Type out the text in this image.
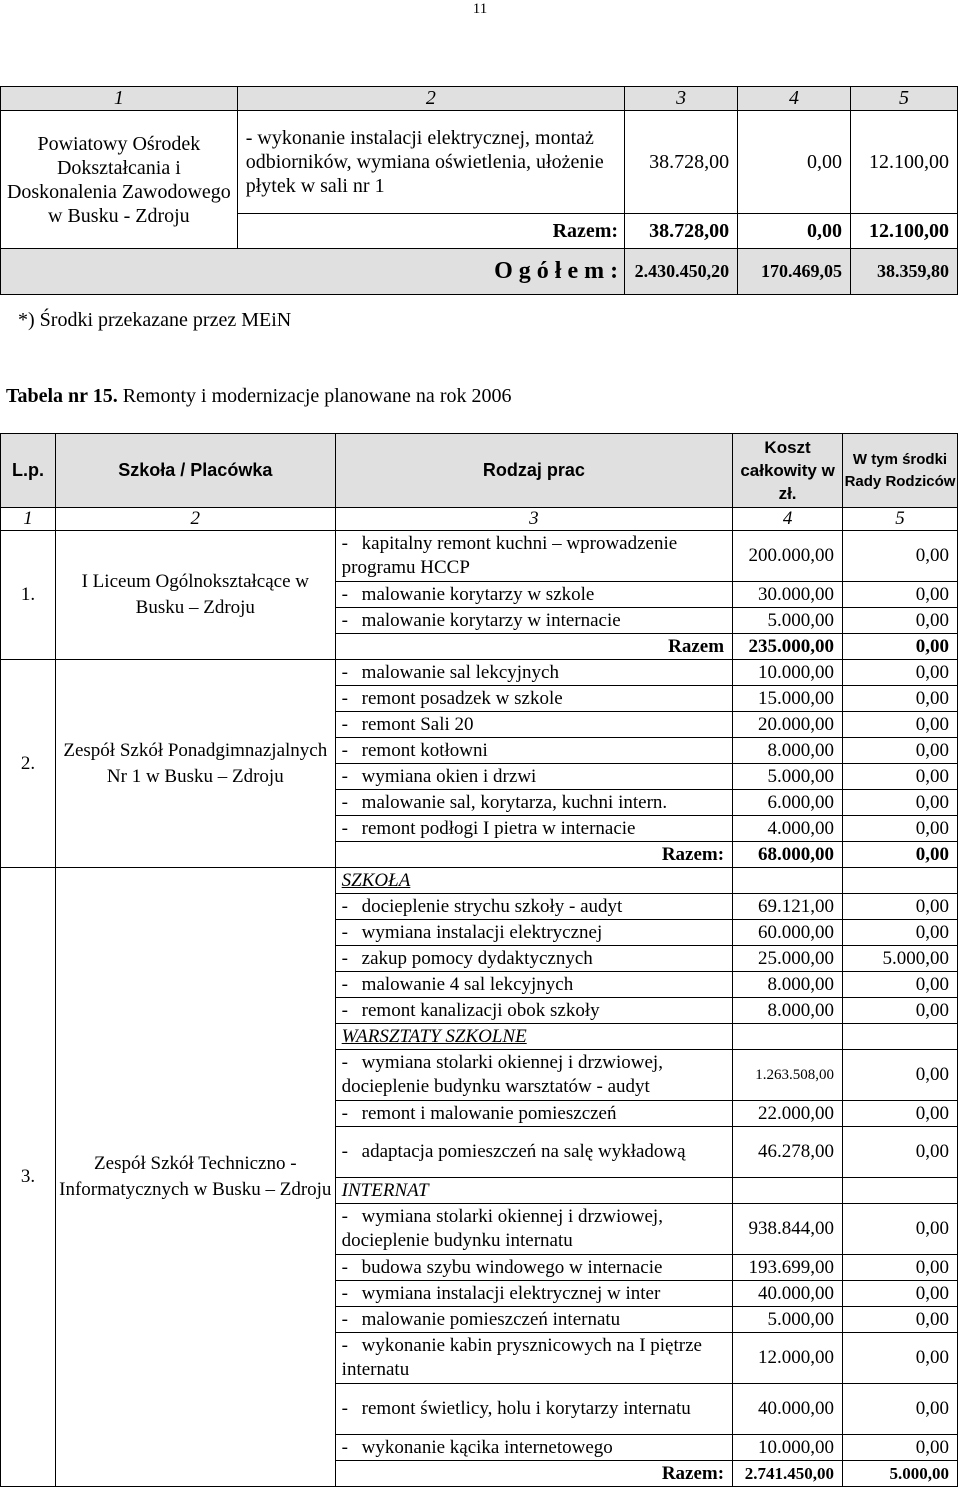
11
1	2	3	4	5
Powiatowy Ośrodek Dokształcania i Doskonalenia Zawodowego w Busku - Zdroju	- wykonanie instalacji elektrycznej, montaż odbiorników, wymiana oświetlenia, ułożenie płytek w sali nr 1	38.728,00	0,00	12.100,00
	Razem:	38.728,00	0,00	12.100,00
O g ó ł e m :		2.430.450,20	170.469,05	38.359,80
*) Środki przekazane przez MEiN
Tabela nr 15. Remonty i modernizacje planowane na rok 2006
L.p.	Szkoła / Placówka	Rodzaj prac	Koszt całkowity w zł.	W tym środki Rady Rodziców
1	2	3	4	5
1.	I Liceum Ogólnokształcące w Busku – Zdroju	- kapitalny remont kuchni – wprowadzenie programu HCCP	200.000,00	0,00
		- malowanie korytarzy w szkole	30.000,00	0,00
		- malowanie korytarzy w internacie	5.000,00	0,00
		Razem	235.000,00	0,00
2.	Zespół Szkół Ponadgimnazjalnych Nr 1 w Busku – Zdroju	- malowanie sal lekcyjnych	10.000,00	0,00
		- remont posadzek w szkole	15.000,00	0,00
		- remont Sali 20	20.000,00	0,00
		- remont kotłowni	8.000,00	0,00
		- wymiana okien i drzwi	5.000,00	0,00
		- malowanie sal, korytarza, kuchni intern.	6.000,00	0,00
		- remont podłogi I pietra w internacie	4.000,00	0,00
		Razem:	68.000,00	0,00
3.	Zespół Szkół Techniczno - Informatycznych w Busku – Zdroju	SZKOŁA		
		- docieplenie strychu szkoły - audyt	69.121,00	0,00
		- wymiana instalacji elektrycznej	60.000,00	0,00
		- zakup pomocy dydaktycznych	25.000,00	5.000,00
		- malowanie 4 sal lekcyjnych	8.000,00	0,00
		- remont kanalizacji obok szkoły	8.000,00	0,00
		WARSZTATY SZKOLNE		
		- wymiana stolarki okiennej i drzwiowej, docieplenie budynku warsztatów - audyt	1.263.508,00	0,00
		- remont i malowanie pomieszczeń	22.000,00	0,00
		- adaptacja pomieszczeń na salę wykładową	46.278,00	0,00
		INTERNAT		
		- wymiana stolarki okiennej i drzwiowej, docieplenie budynku internatu	938.844,00	0,00
		- budowa szybu windowego w internacie	193.699,00	0,00
		- wymiana instalacji elektrycznej w inter	40.000,00	0,00
		- malowanie pomieszczeń internatu	5.000,00	0,00
		- wykonanie kabin prysznicowych na I piętrze internatu	12.000,00	0,00
		- remont świetlicy, holu i korytarzy internatu	40.000,00	0,00
		- wykonanie kącika internetowego	10.000,00	0,00
		Razem:	2.741.450,00	5.000,00
